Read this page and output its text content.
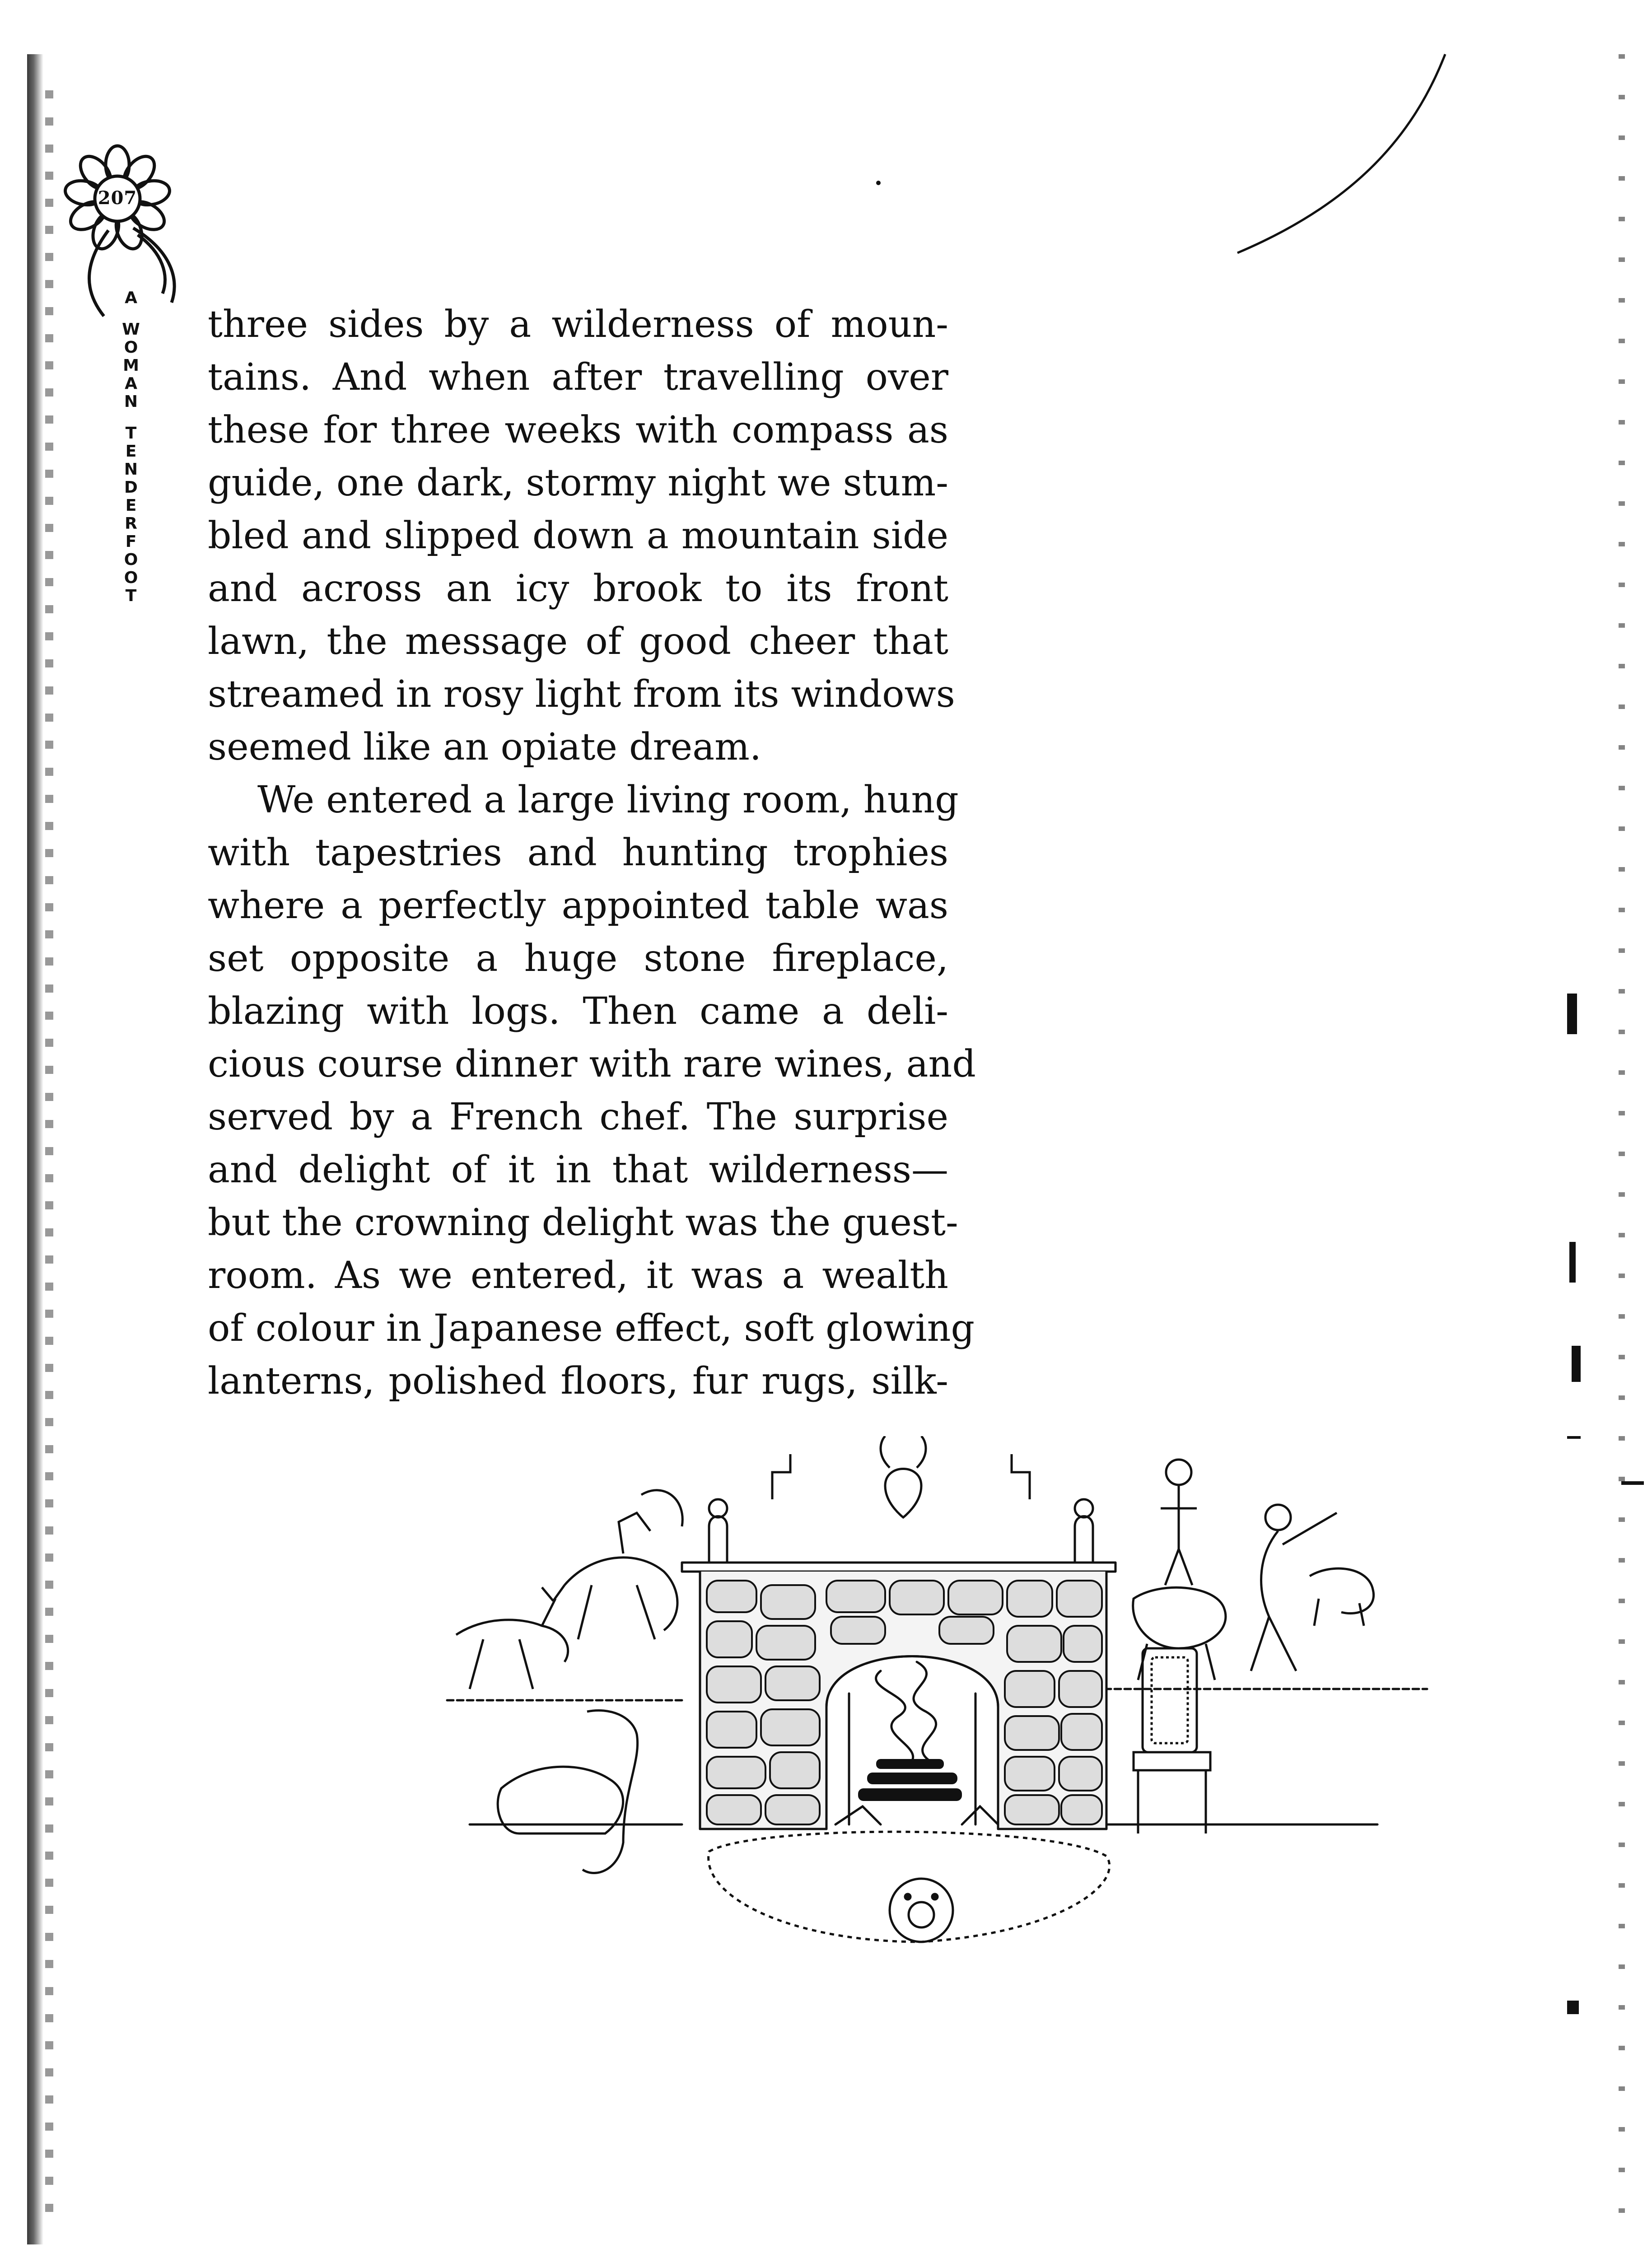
207
A
WOMAN
TENDERFOOT
three sides by a wilderness of moun-
tains. And when after travelling over
these for three weeks with compass as
guide, one dark, stormy night we stum-
bled and slipped down a mountain side
and across an icy brook to its front
lawn, the message of good cheer that
streamed in rosy light from its windows
seemed like an opiate dream.
We entered a large living room, hung
with tapestries and hunting trophies
where a perfectly appointed table was
set opposite a huge stone fireplace,
blazing with logs. Then came a deli-
cious course dinner with rare wines, and
served by a French chef. The surprise
and delight of it in that wilderness—
but the crowning delight was the guest-
room. As we entered, it was a wealth
of colour in Japanese effect, soft glowing
lanterns, polished floors, fur rugs, silk-
